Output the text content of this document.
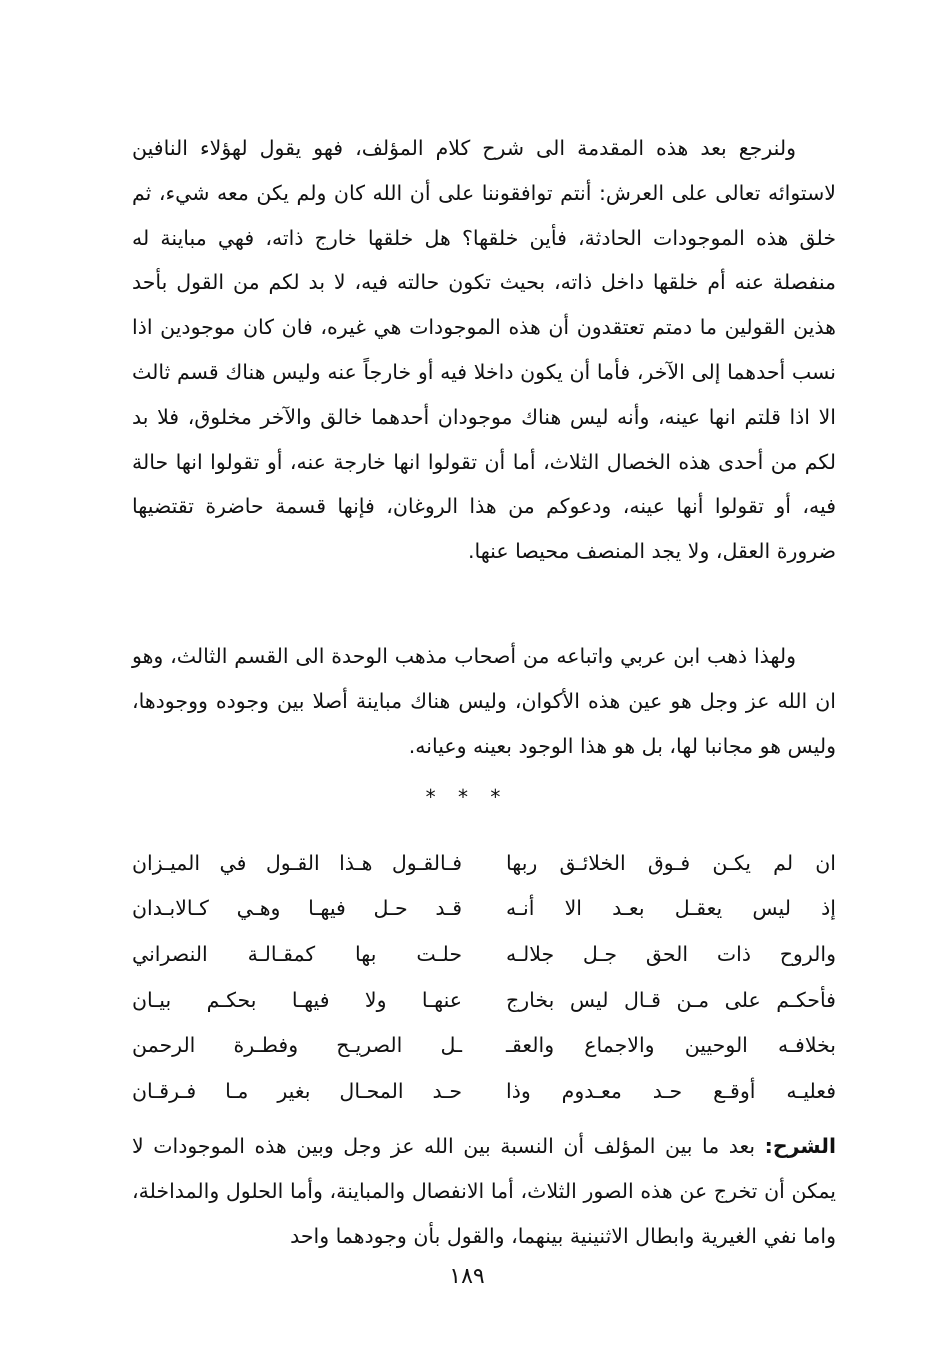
ولنرجع بعد هذه المقدمة الى شرح كلام المؤلف، فهو يقول لهؤلاء النافين لاستوائه تعالى على العرش: أنتم توافقوننا على أن الله كان ولم يكن معه شيء، ثم خلق هذه الموجودات الحادثة، فأين خلقها؟ هل خلقها خارج ذاته، فهي مباينة له منفصلة عنه أم خلقها داخل ذاته، بحيث تكون حالته فيه، لا بد لكم من القول بأحد هذين القولين ما دمتم تعتقدون أن هذه الموجودات هي غيره، فان كان موجودين اذا نسب أحدهما إلى الآخر، فأما أن يكون داخلا فيه أو خارجاً عنه وليس هناك قسم ثالث الا اذا قلتم انها عينه، وأنه ليس هناك موجودان أحدهما خالق والآخر مخلوق، فلا بد لكم من أحدى هذه الخصال الثلاث، أما أن تقولوا انها خارجة عنه، أو تقولوا انها حالة فيه، أو تقولوا أنها عينه، ودعوكم من هذا الروغان، فإنها قسمة حاضرة تقتضيها ضرورة العقل، ولا يجد المنصف محيصا عنها.

ولهذا ذهب ابن عربي واتباعه من أصحاب مذهب الوحدة الى القسم الثالث، وهو ان الله عز وجل هو عين هذه الأكوان، وليس هناك مباينة أصلا بين وجوده ووجودها، وليس هو مجانبا لها، بل هو هذا الوجود بعينه وعيانه.

* * *
ان لم يكـن فـوق الخلائـق ربها
فـالقـول هـذا القـول في الميـزان
إذ ليس يعقـل بعـد الا أنـه
قـد حـل فيهـا وهـي كـالابـدان
والروح ذات الحق جـل جلالـه
حلـت بها كمقـالـة النصراني
فأحكـم على مـن قـال ليس بخارج
عنهـا ولا فيهـا بحكـم بيـان
بخلافـه الوحيين والاجماع والعقـ
ـل الصريـح وفطـرة الرحمن
فعليـه أوقـع حـد معـدوم وذا
حـد المحـال بغير مـا فـرقـان

الشرح: بعد ما بين المؤلف أن النسبة بين الله عز وجل وبين هذه الموجودات لا يمكن أن تخرج عن هذه الصور الثلاث، أما الانفصال والمباينة، وأما الحلول والمداخلة، واما نفي الغيرية وابطال الاثنينية بينهما، والقول بأن وجودهما واحد

١٨٩
